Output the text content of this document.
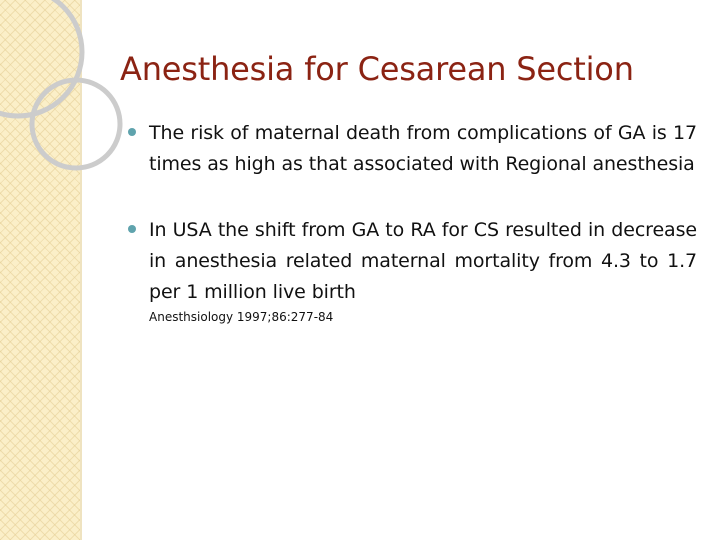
Anesthesia for Cesarean Section
The risk of maternal death from complications of GA is 17 times as high as that associated with Regional anesthesia
In USA the shift from GA to RA for CS resulted in decrease in anesthesia related maternal mortality from 4.3 to 1.7 per 1 million live birth
Anesthsiology 1997;86:277-84
